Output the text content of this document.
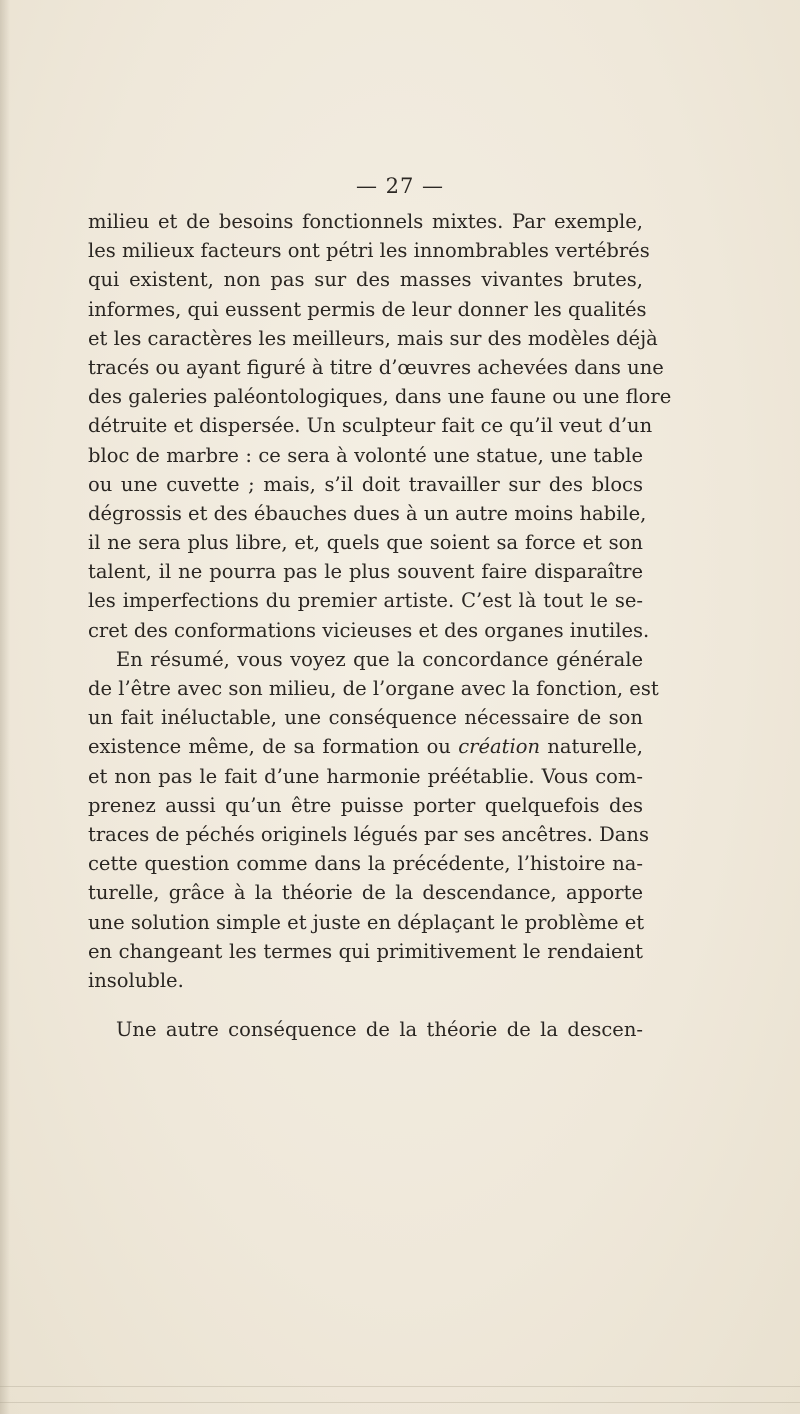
— 27 —
milieu et de besoins fonctionnels mixtes. Par exemple,
les milieux facteurs ont pétri les innombrables vertébrés
qui existent, non pas sur des masses vivantes brutes,
informes, qui eussent permis de leur donner les qualités
et les caractères les meilleurs, mais sur des modèles déjà
tracés ou ayant figuré à titre d’œuvres achevées dans une
des galeries paléontologiques, dans une faune ou une flore
détruite et dispersée. Un sculpteur fait ce qu’il veut d’un
bloc de marbre : ce sera à volonté une statue, une table
ou une cuvette ; mais, s’il doit travailler sur des blocs
dégrossis et des ébauches dues à un autre moins habile,
il ne sera plus libre, et, quels que soient sa force et son
talent, il ne pourra pas le plus souvent faire disparaître
les imperfections du premier artiste. C’est là tout le se-
cret des conformations vicieuses et des organes inutiles.
En résumé, vous voyez que la concordance générale
de l’être avec son milieu, de l’organe avec la fonction, est
un fait inéluctable, une conséquence nécessaire de son
existence même, de sa formation ou création naturelle,
et non pas le fait d’une harmonie préétablie. Vous com-
prenez aussi qu’un être puisse porter quelquefois des
traces de péchés originels légués par ses ancêtres. Dans
cette question comme dans la précédente, l’histoire na-
turelle, grâce à la théorie de la descendance, apporte
une solution simple et juste en déplaçant le problème et
en changeant les termes qui primitivement le rendaient
insoluble.
Une autre conséquence de la théorie de la descen-
